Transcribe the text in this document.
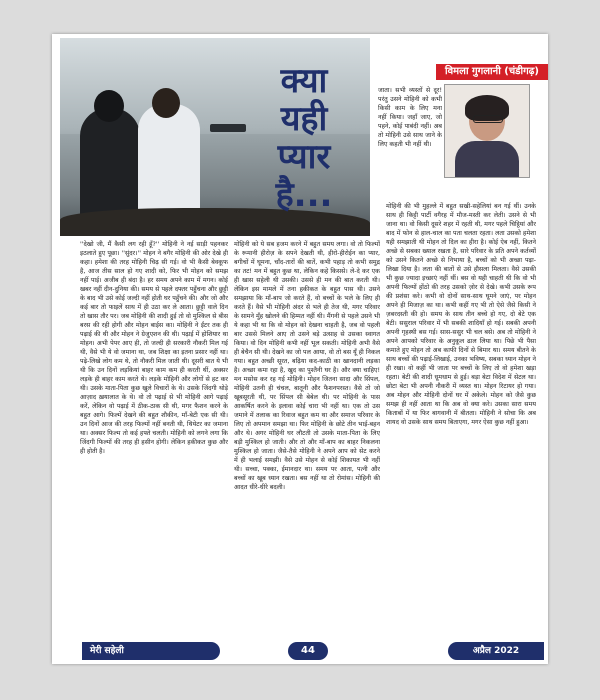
क्या
यही
प्यार
है...
विमला गुगलानी (चंडीगढ़)
''देखो जी, मैं कैसी लग रही हूँ?'' मोहिनी ने नई साड़ी पहनकर इठलाते हुए पूछा। ''सुंदर।'' मोहन ने बगैर मोहिनी की ओर देखे ही कहा। हमेशा की तरह मोहिनी चिढ़ सी गई। वो भी कैसी बेवकूफ है, आज तीस साल हो गए शादी को, फिर भी मोहन को समझ नहीं पाई। अजीब ही बंदा है। हर समय अपने काम में मगन। कोई खबर नहीं दीन-दुनिया की। समय से पहले दफ्तर पहुँचना और छुट्टी के बाद भी उसे कोई जल्दी नहीं होती घर पहुँचने की। और जो और कई बार तो फाइलें साथ में ही उठा कर ले आता। छुट्टी वाले दिन तो खास तौर पर। जब मोहिनी की शादी हुई तो वो मुश्किल से बीस बरस की रही होगी और मोहन बाईस का। मोहिनी ने ईंटर तक ही पढ़ाई की थी और मोहन ने ग्रेजुएशन की थी। पढ़ाई में होशियार था मोहन। अभी पेपर आए ही, तो जल्दी ही सरकारी नौकरी मिल गई थी, वैसे भी ये वो जमाना था, जब शिक्षा का इतना प्रसार नहीं था। पढ़े-लिखे लोग कम थे, तो नौकरी मिल जाती थी। दूसरी बात ये भी थी कि उन दिनों लड़कियां बाहर काम कम ही करती थीं, अक्सर लड़के ही बाहर काम करते थे। लड़के मोहिनी और लोगों से हट कर थी। उसके माता-पिता कुछ खुले विचारों के थे। उसके जिंदगी थोड़े आज़ाद ख़यालात के थे। वो तो पढ़ाई से भी मोहिनी आगे पढ़ाई करें, लेकिन वो पढ़ाई में ठीक-ठाक सी थी, मगर फैशन करने के बहुत आगे। फिल्में देखने की बहुत शौकीन, माँ-बेटी एक सी थी। उन दिनों आज की तरह फिल्मों नहीं बनती थी, थियेटर का जमाना था। अक्सर फिल्म तो कई हफ्ते चलती। मोहिनी को लगने लगा कि जिंदगी फिल्मों की तरह ही हसीन होगी। लेकिन हकीकत कुछ और ही होती है।
मोहिनी को ये सब हजम करने में बहुत समय लगा। वो तो फिल्मों के रूमानी हीरोज़ के सपने देखती थी, हीरो-हीरोईन का प्यार, बगीचों में घूमना, चाँद-तारों की बातें, कभी पहाड़ तो कभी समुद्र का तट! मन में बहुत कुछ था, लेकिन कहे किससे। ले-दे कर एक ही खास सहेली थी उसकी। उससे ही मन की बात करती थी। लेकिन इस मामले में तना हकीकत के बहुत पास थी। उसने समझाया कि माँ-बाप जो करते हैं, वो बच्चों के भले के लिए ही करते हैं। वैसे भी मोहिनी अंदर से भले ही तेज थी, मगर परिवार के सामने मुँह खोलने की हिम्मत नहीं थी। मैंगनी से पहले उसने भी ये कहा भी था कि वो मोहन को देखना चाहती है, जब वो पहली बार उससे मिलने आए तो उसने बड़े उत्साह से उसका स्वागत किया। वो दिन मोहिनी कभी नहीं भूल सकती। मोहिनी अभी वैसे ही बेचैन सी थी। देखने का जो पल आया, वो तो बस यूँ ही निकल गया। बहुत अच्छी सूरत, बढ़िया कद-काठी का खानदानी लड़का है। अच्छा कमा रहा है, खुद का पुश्तैनी घर है। और क्या चाहिए! मन मसोस कर रह गई मोहिनी। मोहन जितना सादा और सिंपल, मोहिनी उतनी ही चंचल, बातूनी और फैशनपरस्त। वैसे तो जो खूबसूरती थी, पर सिंपल सी बेबेल थी। पर मोहिनी के पास आकर्षित करने के इलावा कोई चारा भी नहीं था। एक तो उस जमाने में तलाक का रिवाज बहुत कम था और समाज परिवार के लिए तो अपमान समझा था। फिर मोहिनी के छोटे तीन भाई-बहन और थे। अगर मोहिनी घर लौटती तो उसके माता-पिता के लिए बड़ी मुश्किल हो जाती। और तो और माँ-बाप का बाहर निकलना मुश्किल हो जाता। जैसे-तैसे मोहिनी ने अपने आप को सेट करने में ही भलाई समझी। वैसे उसे मोहन से कोई शिकायत भी नहीं थी। सच्चा, पक्का, ईमानदार था। समय पर आता, पत्नी और बच्चों का खूब ध्यान रखता। बस नहीं था तो रोमांस। मोहिनी की आदत धीरे-धीरे बदली।
जाता। सभी व्यस्तों से दूर! परंतु उसने मोहिनी को कभी किसी काम के लिए मना नहीं किया। जहाँ जाए, जो पहने, कोई पाबंदी नहीं। अब तो मोहिनी उसे साथ जाने के लिए कहती भी नहीं थी।
मोहिनी की भी मुहल्ले में बहुत सखी-सहेलियां बन गई थीं। उनके साथ ही किट्टी पार्टी वगैरह में मौज-मस्ती कर लेती। उसने से भी जाना था। वो किसी दूसरे शहर में रहती थी, मगर पहले चिट्ठियां और बाद में फोन से हाल-चाल का पता चलता रहता। लता उसको हमेशा यही समझाती थी मोहन तो दिल का हीरा है। कोई ऐब नहीं, कितने अच्छे से सबका ख्याल रखता है, सारे परिवार के प्रति अपने कर्तव्यों को उसने कितने अच्छे से निभाया है, बच्चों को भी अच्छा पढ़ा-लिखा दिया है। लता की बातों से उसे हौसला मिलता। वैसे उसकी भी कुछ ज्यादा इच्छाएं नहीं थीं। बस वो यही चाहती थी कि वो भी अपनी फिल्मों होंठो की तरह उसको ज़ोर से देखे। कभी उसके रूप की प्रशंसा करे। कभी वो दोनों साथ-साथ घूमने जाएं, पर मोहन अपने ही मिजाज़ का था। कभी कहीं गए भी तो ऐसे जैसे किसी ने ज़बरदस्ती की हो। समय के साथ तीन बच्चे हो गए, दो बेटे एक बेटी। ससुराल परिवार में भी सबकी शादियाँ हो गई। सबकी अपनी अपनी गृहस्थी बस गई। सास-ससुर भी चल बसे। अब तो मोहिनी ने अपने आपको परिवार के अनुकूल ढाल लिया था। पिछे भी पैसा कमाते हुए मोहन तो अब काफी दिनों से बिमार था। समय बीतने के साथ बच्चों की पढ़ाई-लिखाई, उनका भविष्य, सबका ध्यान मोहन ने ही रखा। वो कहीं भी जाता पर बच्चों के लिए तो वो हमेशा खड़ा रहता। बेटी की शादी धूमधाम से हुई। बड़ा बेटा विदेश में सेटल था। छोटा बेटा भी अपनी नौकरी में व्यस्त था। मोहन रिटायर हो गया। अब मोहन और मोहिनी दोनों घर में अकेले। मोहन को जैसे कुछ समझ ही नहीं आता था कि अब वो क्या करे। उसका सारा समय किताबों में या फिर बागवानी में बीतता। मोहिनी ने सोचा कि अब शायद वो उसके साथ समय बिताएगा, मगर ऐसा कुछ नहीं हुआ।
मेरी सहेली	44	अप्रैल 2022
